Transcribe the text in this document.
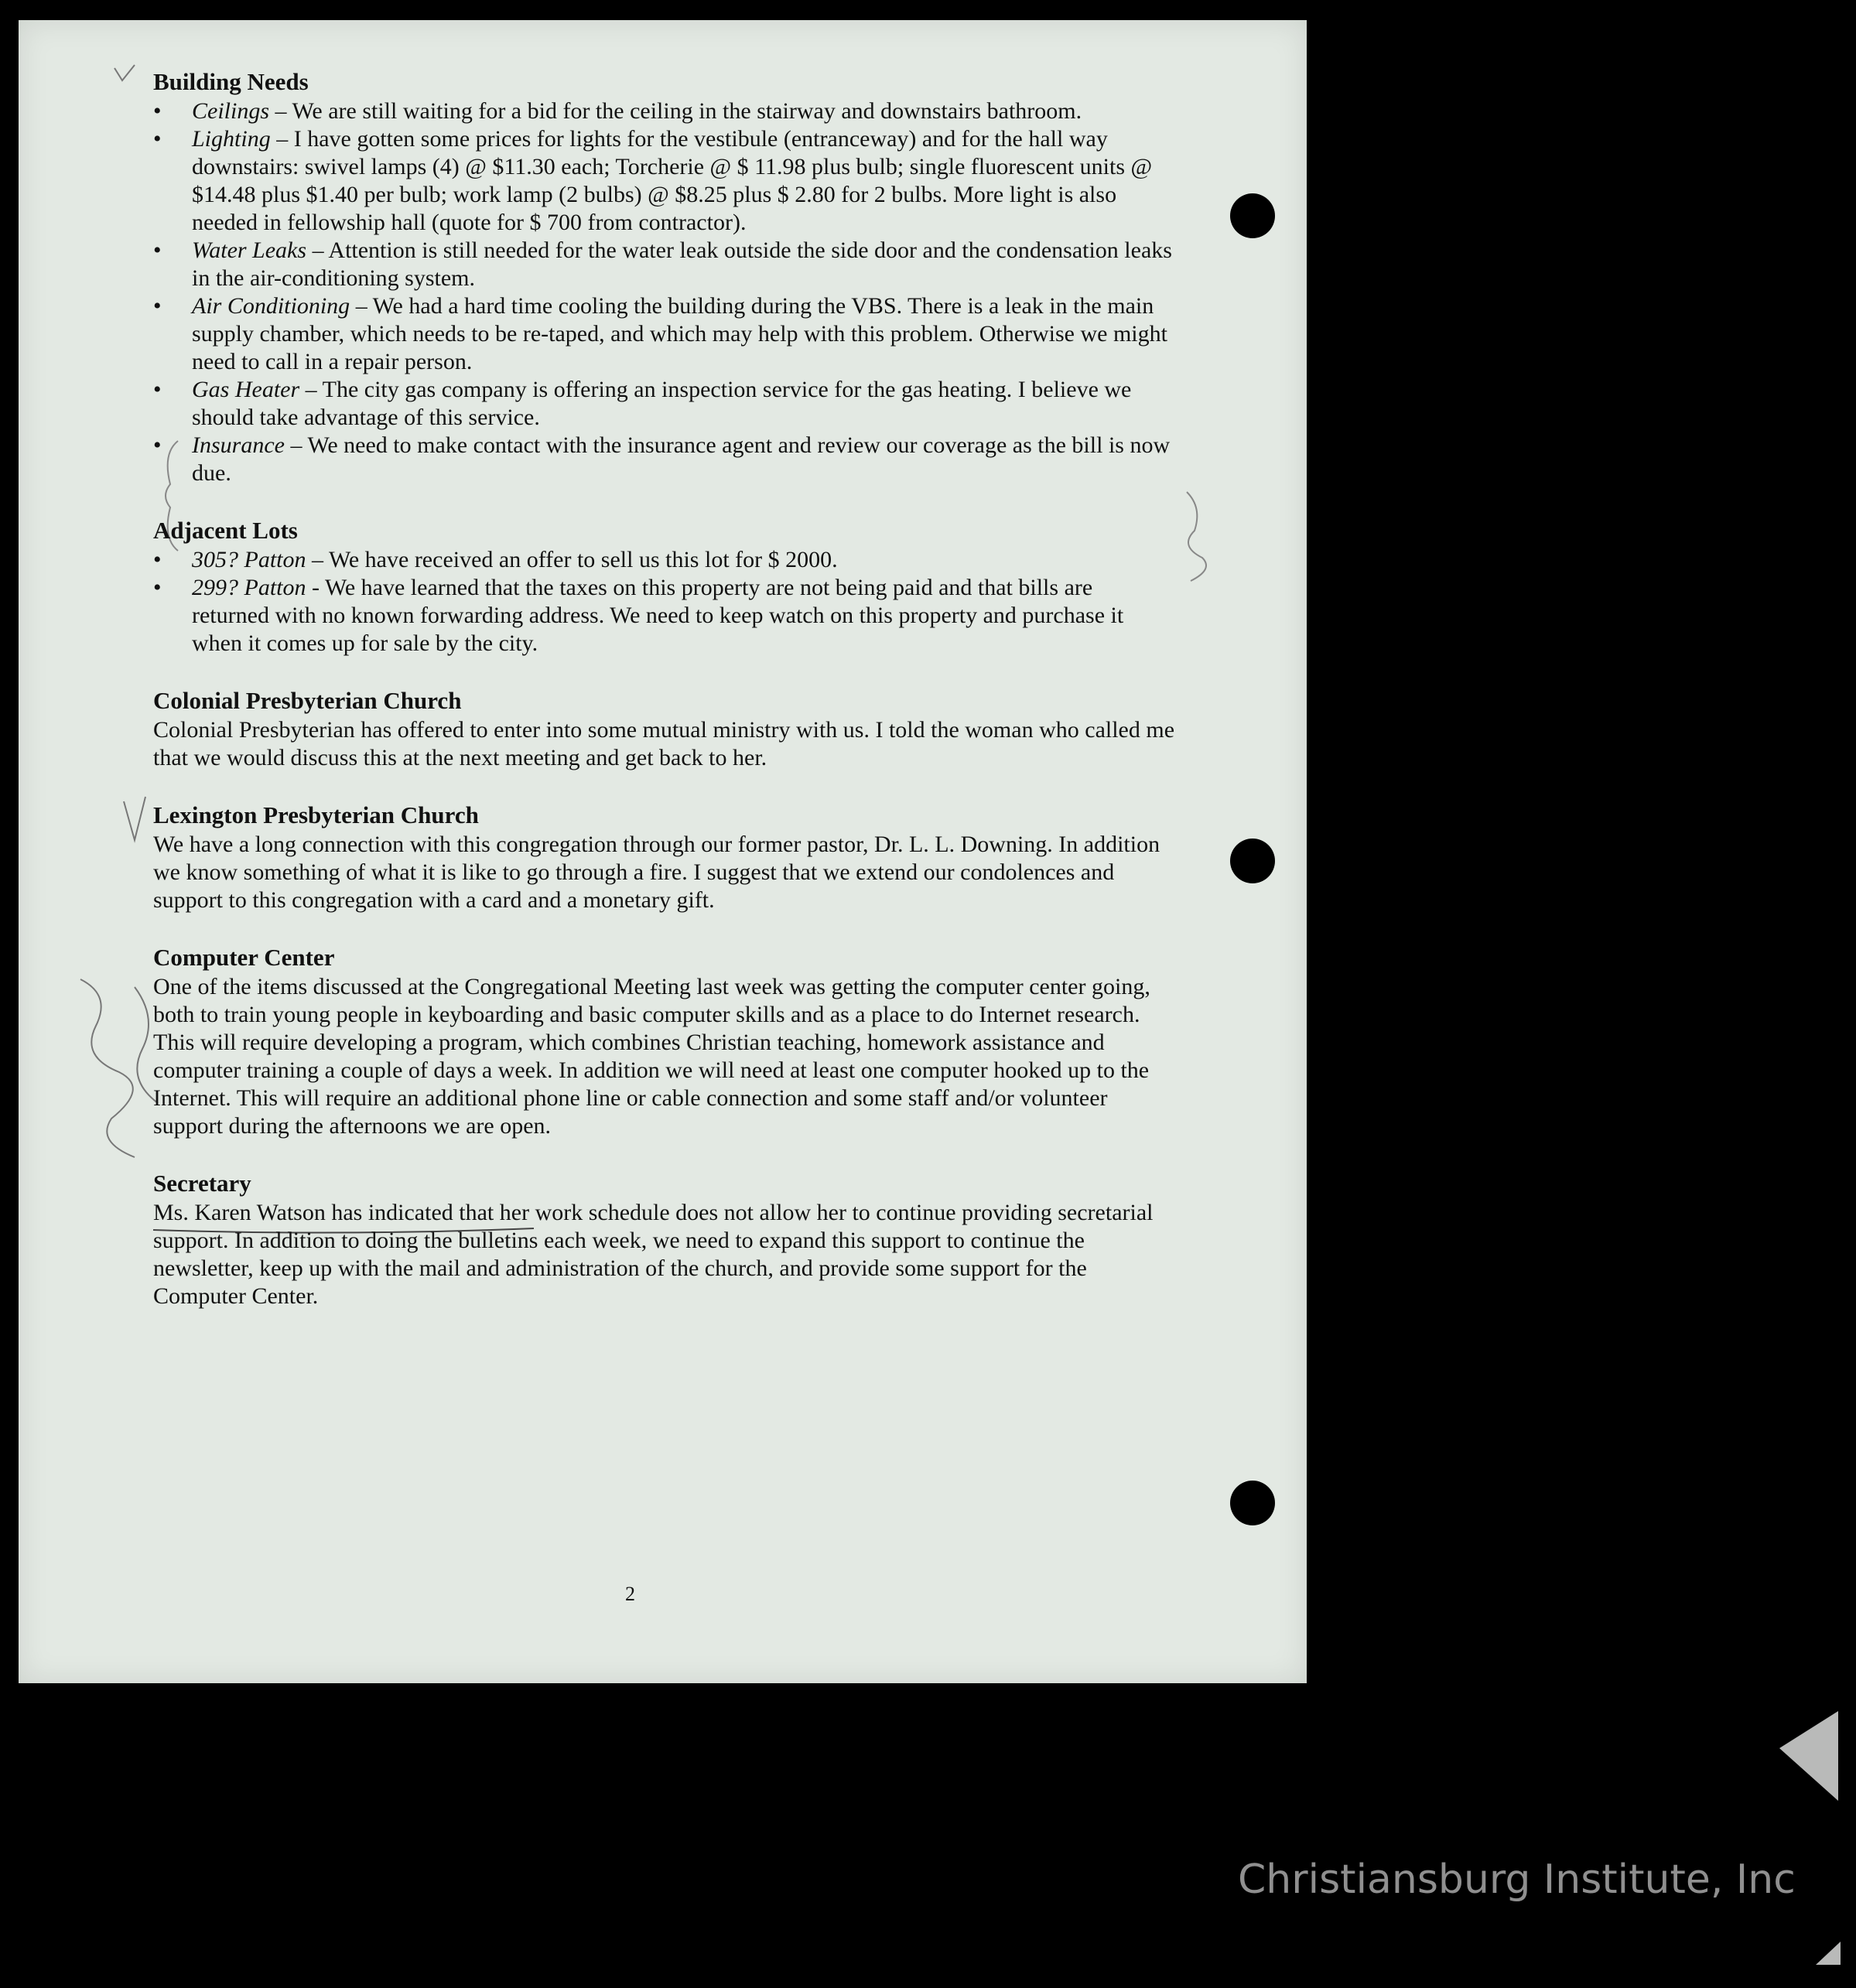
Building Needs
•	Ceilings – We are still waiting for a bid for the ceiling in the stairway and downstairs bathroom.
•	Lighting – I have gotten some prices for lights for the vestibule (entranceway) and for the hall way downstairs: swivel lamps (4) @ $11.30 each; Torcherie @ $ 11.98 plus bulb; single fluorescent units @ $14.48 plus $1.40 per bulb; work lamp (2 bulbs) @ $8.25 plus $ 2.80 for 2 bulbs. More light is also needed in fellowship hall (quote for $ 700 from contractor).
•	Water Leaks – Attention is still needed for the water leak outside the side door and the condensation leaks in the air-conditioning system.
•	Air Conditioning – We had a hard time cooling the building during the VBS. There is a leak in the main supply chamber, which needs to be re-taped, and which may help with this problem. Otherwise we might need to call in a repair person.
•	Gas Heater – The city gas company is offering an inspection service for the gas heating. I believe we should take advantage of this service.
•	Insurance – We need to make contact with the insurance agent and review our coverage as the bill is now due.
Adjacent Lots
•	305? Patton – We have received an offer to sell us this lot for $ 2000.
•	299? Patton - We have learned that the taxes on this property are not being paid and that bills are returned with no known forwarding address. We need to keep watch on this property and purchase it when it comes up for sale by the city.
Colonial Presbyterian Church

Colonial Presbyterian has offered to enter into some mutual ministry with us. I told the woman who called me that we would discuss this at the next meeting and get back to her.

Lexington Presbyterian Church

We have a long connection with this congregation through our former pastor, Dr. L. L. Downing. In addition we know something of what it is like to go through a fire. I suggest that we extend our condolences and support to this congregation with a card and a monetary gift.

Computer Center

One of the items discussed at the Congregational Meeting last week was getting the computer center going, both to train young people in keyboarding and basic computer skills and as a place to do Internet research. This will require developing a program, which combines Christian teaching, homework assistance and computer training a couple of days a week. In addition we will need at least one computer hooked up to the Internet. This will require an additional phone line or cable connection and some staff and/or volunteer support during the afternoons we are open.

Secretary

Ms. Karen Watson has indicated that her work schedule does not allow her to continue providing secretarial support. In addition to doing the bulletins each week, we need to expand this support to continue the newsletter, keep up with the mail and administration of the church, and provide some support for the Computer Center.

2
Christiansburg Institute, Inc
